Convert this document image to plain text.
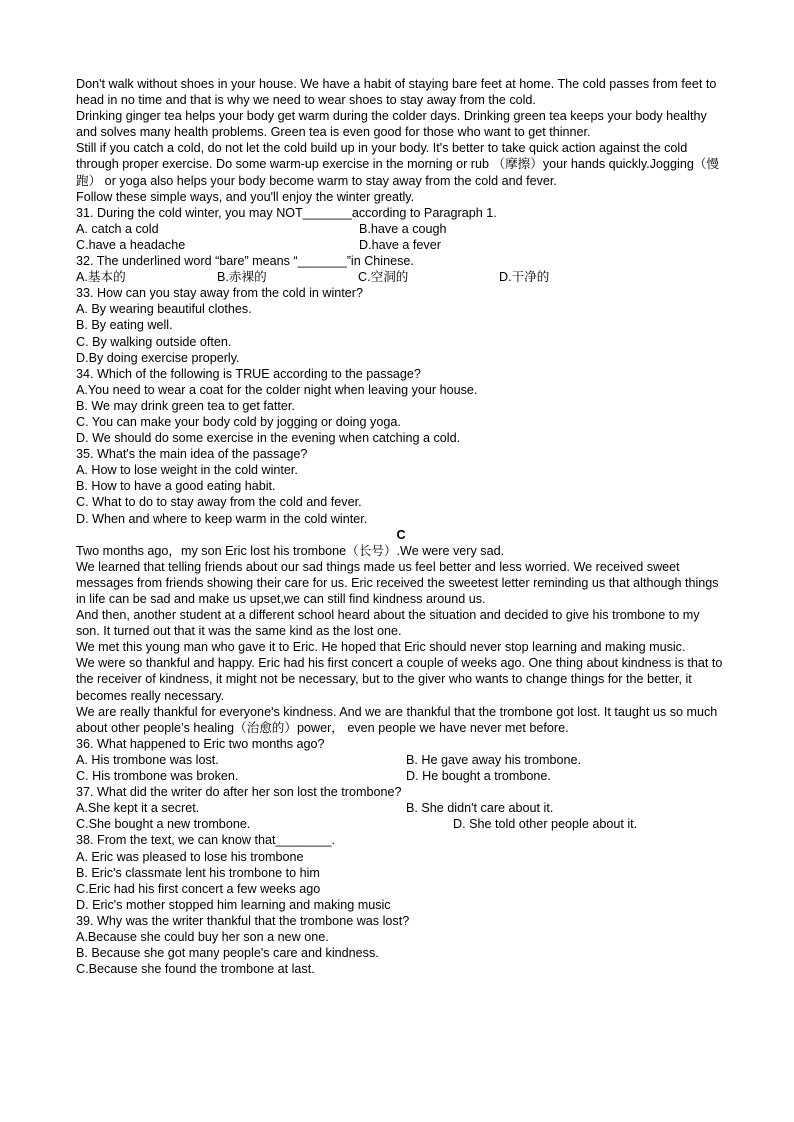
Don't walk without shoes in your house. We have a habit of staying bare feet at home. The cold passes from feet to head in no time and that is why we need to wear shoes to stay away from the cold.

Drinking ginger tea helps your body get warm during the colder days. Drinking green tea keeps your body healthy and solves many health problems. Green tea is even good for those who want to get thinner.

Still if you catch a cold, do not let the cold build up in your body. It's better to take quick action against the cold through proper exercise. Do some warm-up exercise in the morning or rub （摩擦）your hands quickly.Jogging（慢跑） or yoga also helps your body become warm to stay away from the cold and fever.

Follow these simple ways, and you'll enjoy the winter greatly.

31. During the cold winter, you may NOT_______according to Paragraph 1.

A. catch a cold	B.have a cough
C.have a headache	D.have a fever

32. The underlined word “bare” means “_______”in Chinese.

A.基本的	B.赤裸的	C.空洞的	D.干净的

33. How can you stay away from the cold in winter?

A. By wearing beautiful clothes.

B. By eating well.

C. By walking outside often.

D.By doing exercise properly.

34. Which of the following is TRUE according to the passage?

A.You need to wear a coat for the colder night when leaving your house.

B. We may drink green tea to get fatter.

C. You can make your body cold by jogging or doing yoga.

D. We should do some exercise in the evening when catching a cold.

35. What's the main idea of the passage?

A. How to lose weight in the cold winter.

B. How to have a good eating habit.

C. What to do to stay away from the cold and fever.

D. When and where to keep warm in the cold winter.

C

Two months ago，my son Eric lost his trombone（长号）.We were very sad.

We learned that telling friends about our sad things made us feel better and less worried. We received sweet messages from friends showing their care for us. Eric received the sweetest letter reminding us that although things in life can be sad and make us upset,we can still find kindness around us.

And then, another student at a different school heard about the situation and decided to give his trombone to my son. It turned out that it was the same kind as the lost one.

We met this young man who gave it to Eric. He hoped that Eric should never stop learning and making music.

We were so thankful and happy. Eric had his first concert a couple of weeks ago. One thing about kindness is that to the receiver of kindness, it might not be necessary, but to the giver who wants to change things for the better, it becomes really necessary.

We are really thankful for everyone's kindness. And we are thankful that the trombone got lost. It taught us so much about other people’s healing（治愈的）power， even people we have never met before.

36. What happened to Eric two months ago?

A. His trombone was lost.	B. He gave away his trombone.
C. His trombone was broken.	D. He bought a trombone.

37. What did the writer do after her son lost the trombone?

A.She kept it a secret.	B. She didn't care about it.
C.She bought a new trombone.	D. She told other people about it.

38. From the text, we can know that________.

A. Eric was pleased to lose his trombone

B. Eric's classmate lent his trombone to him

C.Eric had his first concert a few weeks ago

D. Eric's mother stopped him learning and making music

39. Why was the writer thankful that the trombone was lost?

A.Because she could buy her son a new one.

B. Because she got many people's care and kindness.

C.Because she found the trombone at last.
